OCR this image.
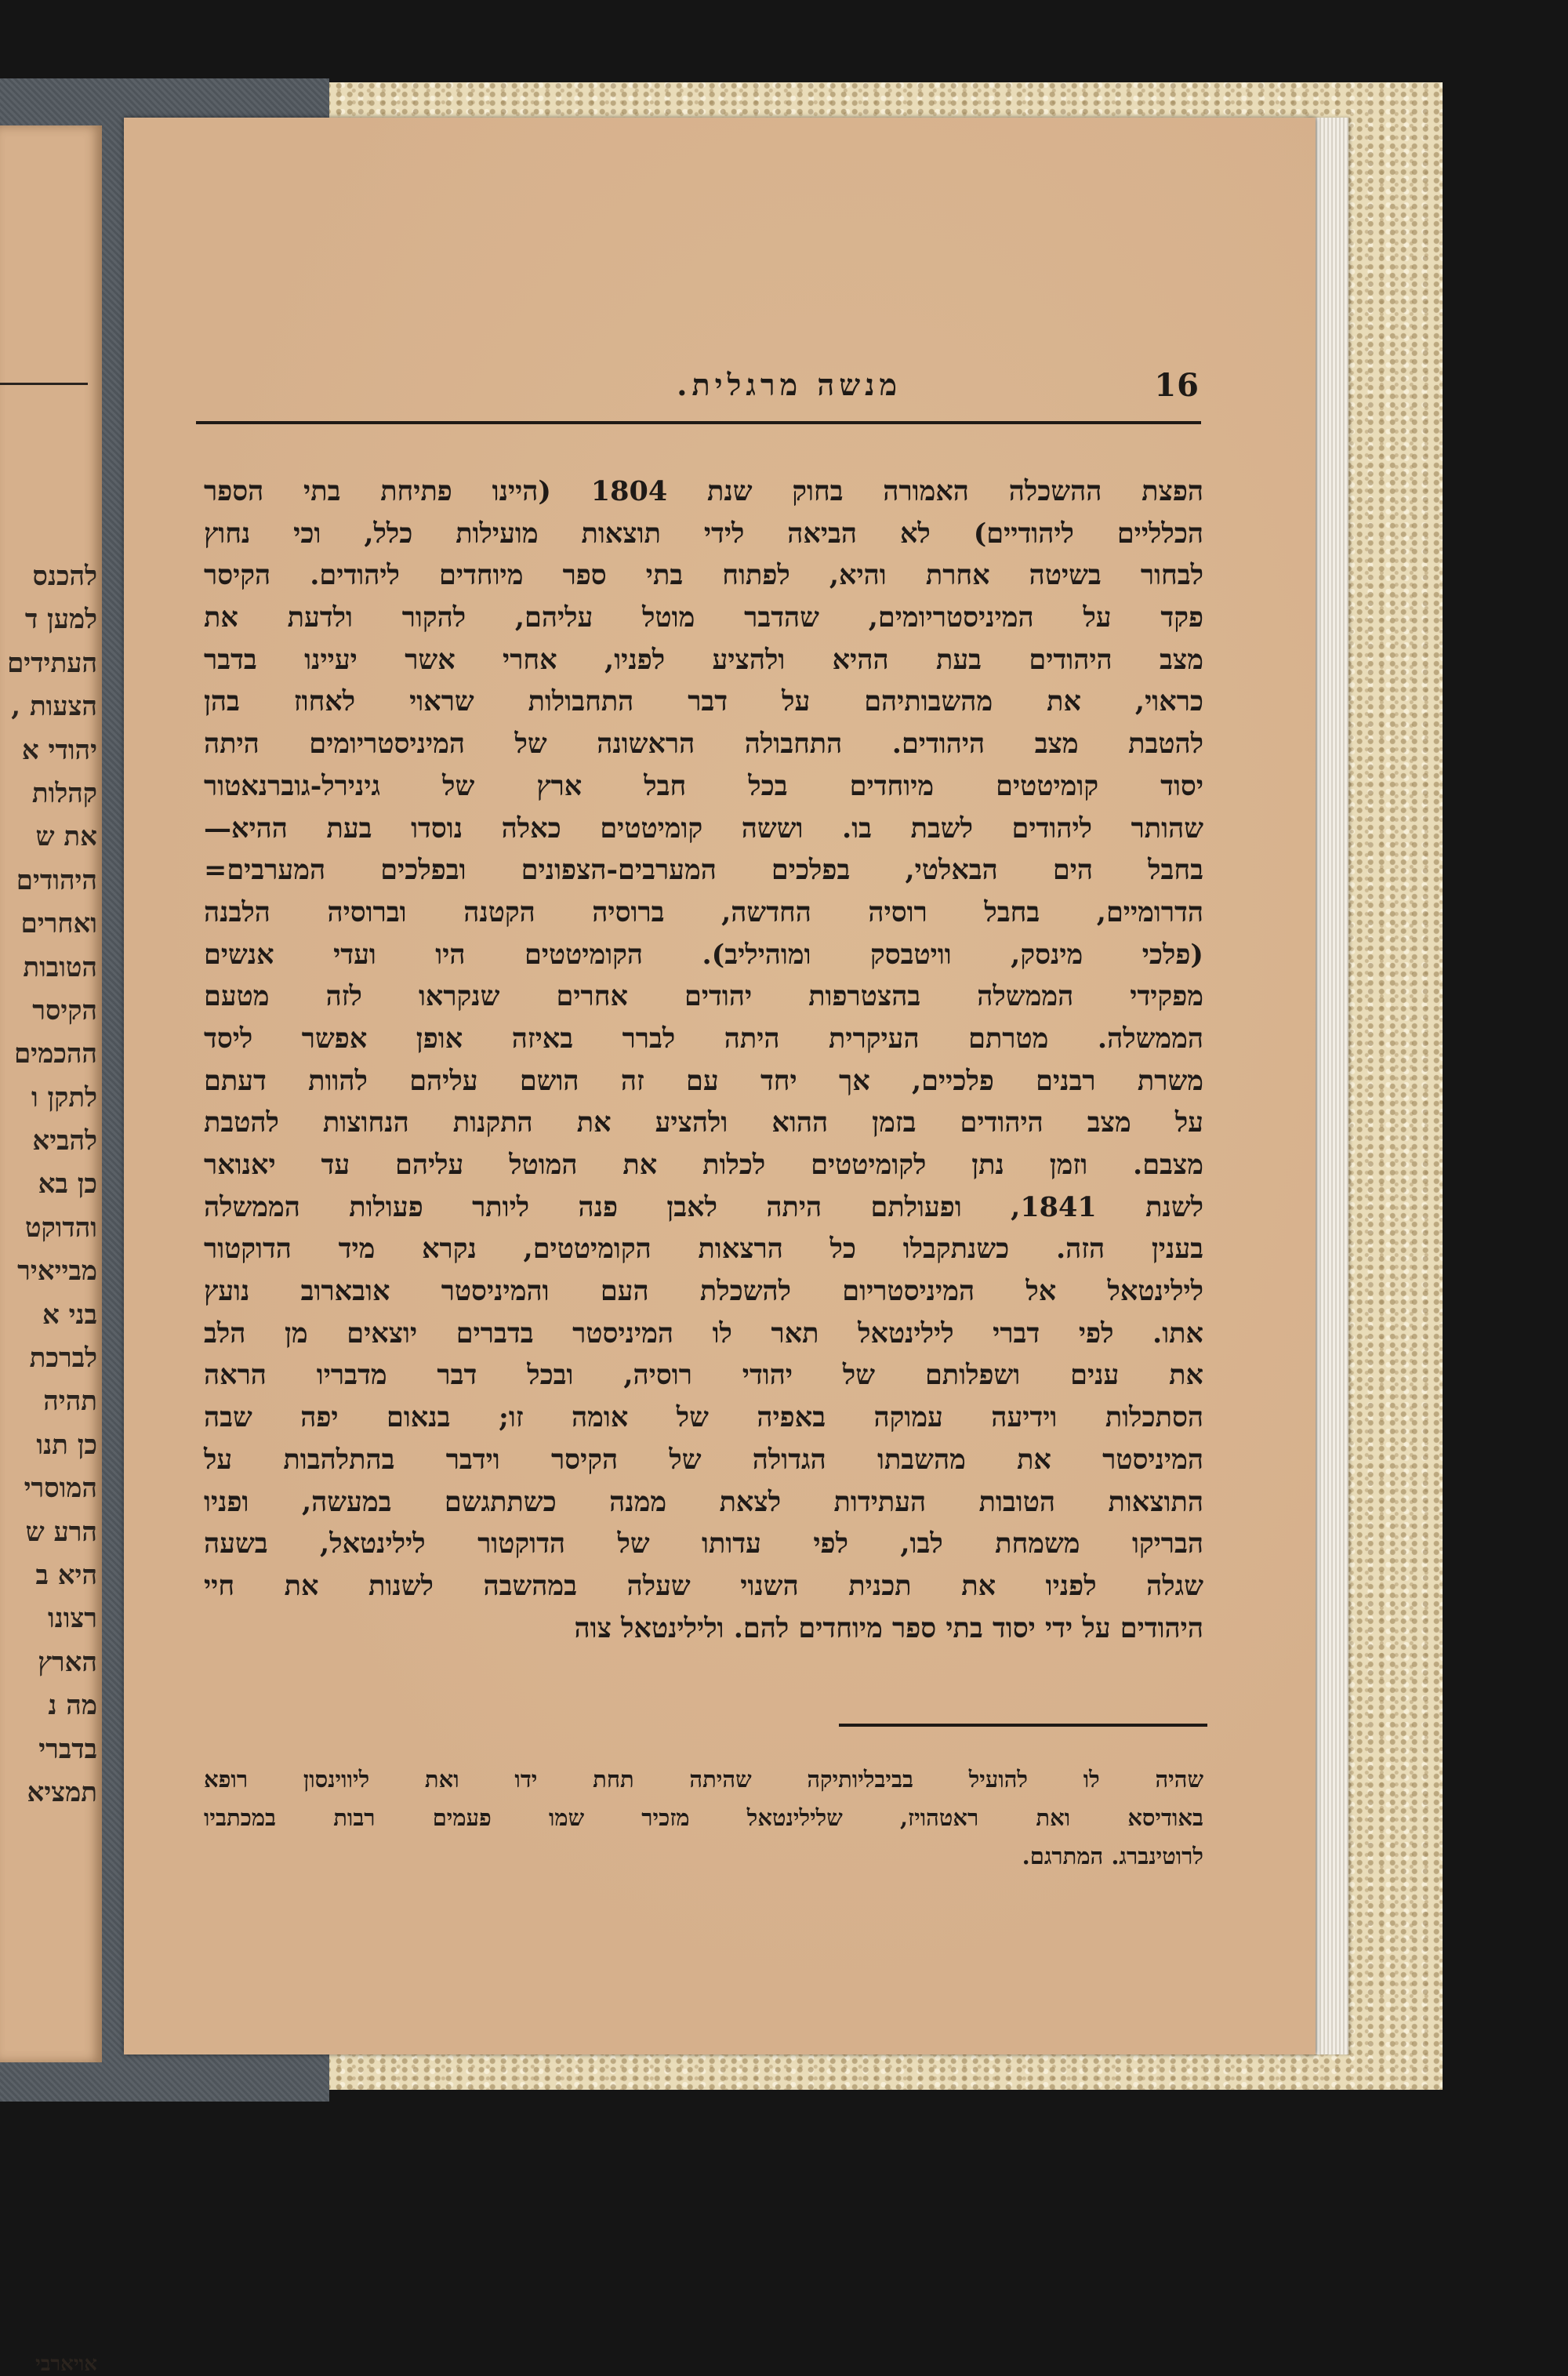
להכנס
למען ד
העתידים
הצעות ,
יהודי א
קהלות
את ש
היהודים
ואחרים
הטובות
הקיסר
ההכמים
לתקן ו
להביא
כן בא
והדוקט
מבייאיר
בני א
לברכת
תהיה
כן תנו
המוסרי
הרע ש
היא ב
רצונו
הארץ
מה נ
בדברי
תמציא
אויארבי
16
מנשה מרגלית.
הפצת ההשכלה האמורה בחוק שנת 1804 (היינו פתיחת בתי הספר
הכלליים ליהודיים) לא הביאה לידי תוצאות מועילות כלל, וכי נחוץ
לבחור בשיטה אחרת והיא, לפתוח בתי ספר מיוחדים ליהודים. הקיסר
פקד על המיניסטריומים, שהדבר מוטל עליהם, להקור ולדעת את
מצב היהודים בעת ההיא ולהציע לפניו, אחרי אשר יעיינו בדבר
כראוי, את מהשבותיהם על דבר התחבולות שראוי לאחוז בהן
להטבת מצב היהודים. התחבולה הראשונה של המיניסטריומים היתה
יסוד קומיטטים מיוחדים בכל חבל ארץ של גינירל-גוברנאטור
שהותר ליהודים לשבת בו. וששה קומיטטים כאלה נוסדו בעת ההיא—
בחבל הים הבאלטי, בפלכים המערבים-הצפונים ובפלכים המערבים=
הדרומיים, בחבל רוסיה החדשה, ברוסיה הקטנה וברוסיה הלבנה
(פלכי מינסק, וויטבסק ומוהיליב). הקומיטטים היו ועדי אנשים
מפקידי הממשלה בהצטרפות יהודים אחרים שנקראו לזה מטעם
הממשלה. מטרתם העיקרית היתה לברר באיזה אופן אפשר ליסד
משרת רבנים פלכיים, אך יחד עם זה הושם עליהם להוות דעתם
על מצב היהודים בזמן ההוא ולהציע את התקנות הנחוצות להטבת
מצבם. וזמן נתן לקומיטטים לכלות את המוטל עליהם עד יאנואר
לשנת 1841, ופעולתם היתה לאבן פנה ליותר פעולות הממשלה
בענין הזה. כשנתקבלו כל הרצאות הקומיטטים, נקרא מיד הדוקטור
לילינטאל אל המיניסטריום להשכלת העם והמיניסטר אובארוב נועץ
אתו. לפי דברי לילינטאל תאר לו המיניסטר בדברים יוצאים מן הלב
את ענים ושפלותם של יהודי רוסיה, ובכל דבר מדבריו הראה
הסתכלות וידיעה עמוקה באפיה של אומה זו; בנאום יפה שבה
המיניסטר את מהשבתו הגדולה של הקיסר וידבר בהתלהבות על
התוצאות הטובות העתידות לצאת ממנה כשתתגשם במעשה, ופניו
הבריקו משמחת לבו, לפי עדותו של הדוקטור לילינטאל, בשעה
שגלה לפניו את תכנית השנוי שעלה במהשבה לשנות את חיי
היהודים על ידי יסוד בתי ספר מיוחדים להם. ולילינטאל צוה
שהיה לו להועיל בביבליותיקה שהיתה תחת ידו ואת ליווינסון רופא
באודיסא ואת ראטהויז, שלילינטאל מזכיר שמו פעמים רבות במכתביו
לרוטינברג. המתרגם.
